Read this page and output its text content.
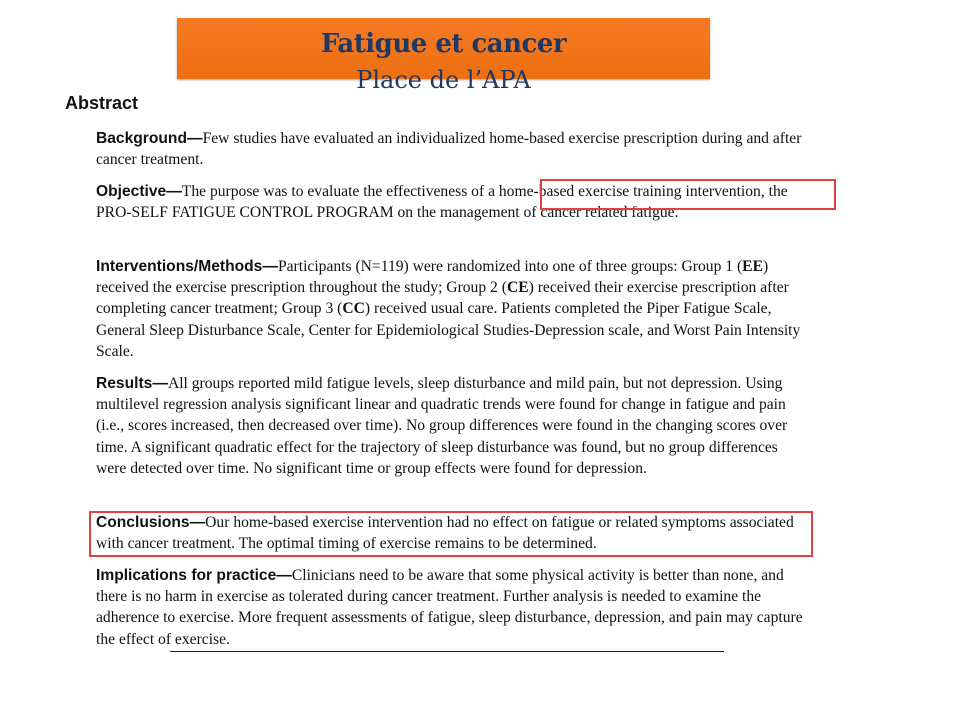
Fatigue et cancer
Place de l’APA
Abstract
Background—Few studies have evaluated an individualized home-based exercise prescription during and after cancer treatment.
Objective—The purpose was to evaluate the effectiveness of a home-based exercise training intervention, the PRO-SELF FATIGUE CONTROL PROGRAM on the management of cancer related fatigue.
Interventions/Methods—Participants (N=119) were randomized into one of three groups: Group 1 (EE) received the exercise prescription throughout the study; Group 2 (CE) received their exercise prescription after completing cancer treatment; Group 3 (CC) received usual care. Patients completed the Piper Fatigue Scale, General Sleep Disturbance Scale, Center for Epidemiological Studies-Depression scale, and Worst Pain Intensity Scale.
Results—All groups reported mild fatigue levels, sleep disturbance and mild pain, but not depression. Using multilevel regression analysis significant linear and quadratic trends were found for change in fatigue and pain (i.e., scores increased, then decreased over time). No group differences were found in the changing scores over time. A significant quadratic effect for the trajectory of sleep disturbance was found, but no group differences were detected over time. No significant time or group effects were found for depression.
Conclusions—Our home-based exercise intervention had no effect on fatigue or related symptoms associated with cancer treatment. The optimal timing of exercise remains to be determined.
Implications for practice—Clinicians need to be aware that some physical activity is better than none, and there is no harm in exercise as tolerated during cancer treatment. Further analysis is needed to examine the adherence to exercise. More frequent assessments of fatigue, sleep disturbance, depression, and pain may capture the effect of exercise.
